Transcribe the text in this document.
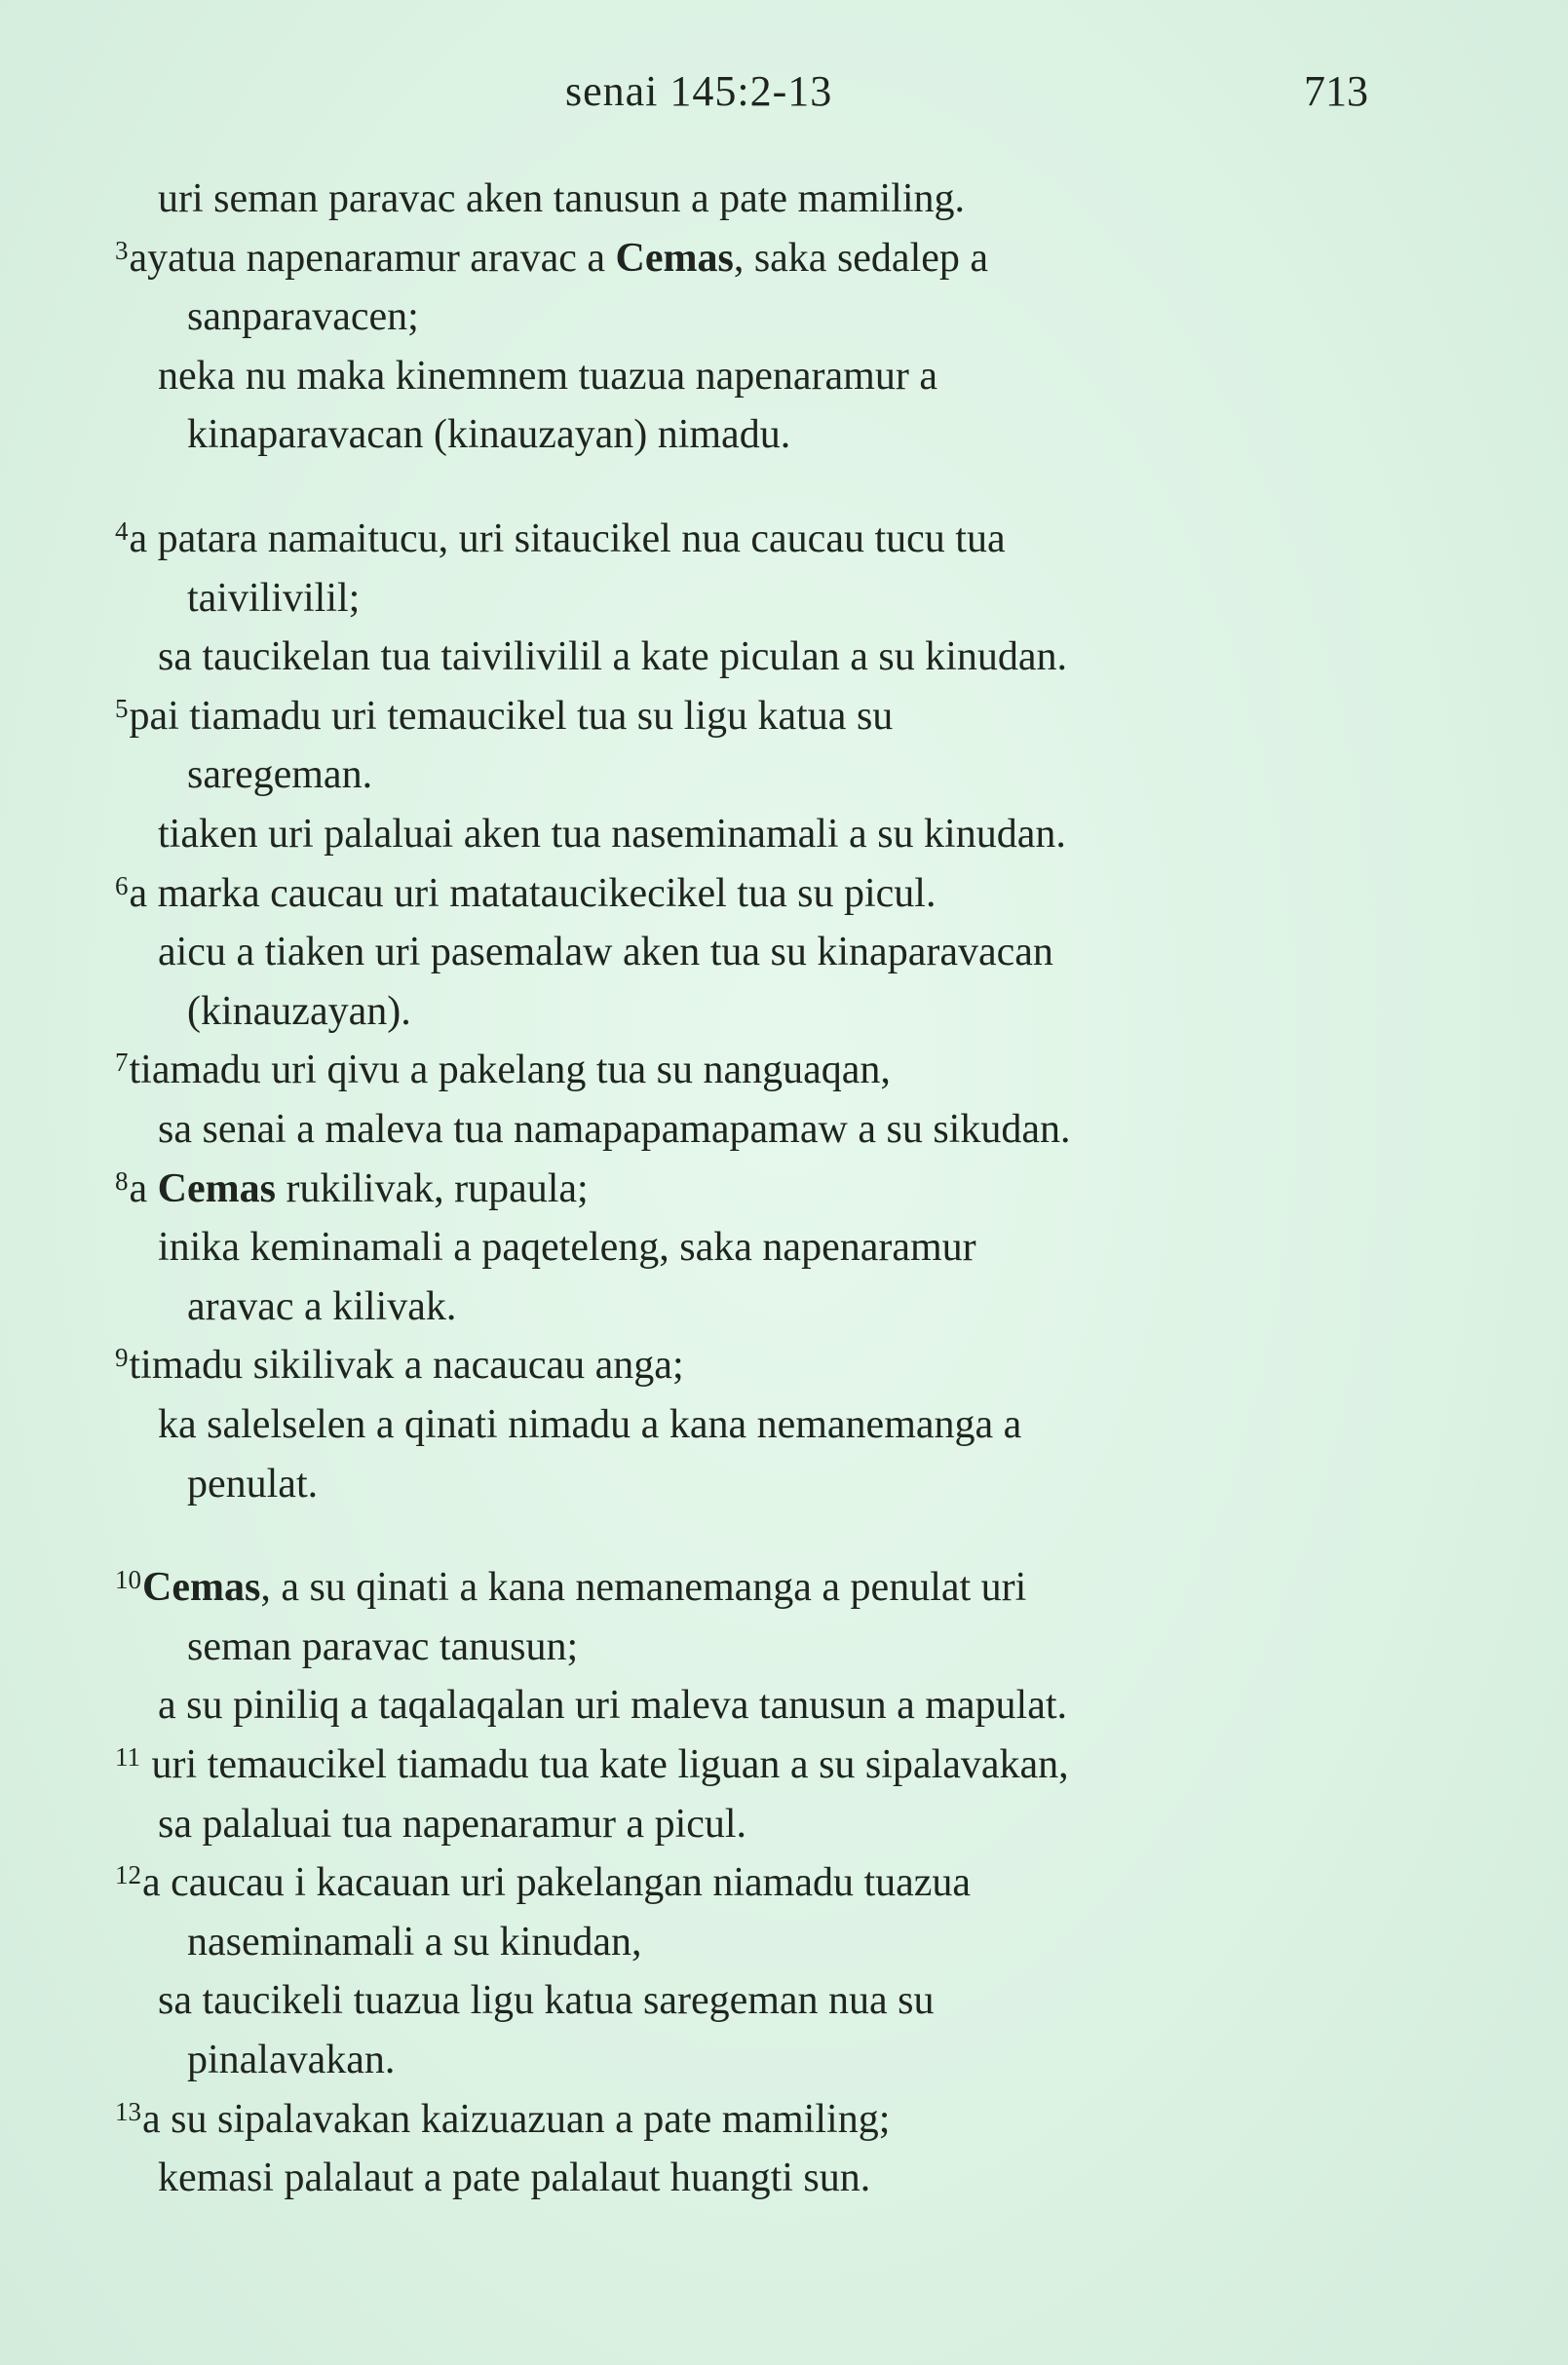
senai 145:2-13	713
uri seman paravac aken tanusun a pate mamiling.
$^3$ayatua napenaramur aravac a Cemas, saka sedalep a
sanparavacen;
neka nu maka kinemnem tuazua napenaramur a
kinaparavacan (kinauzayan) nimadu.
$^4$a patara namaitucu, uri sitaucikel nua caucau tucu tua
taivilivilil;
sa taucikelan tua taivilivilil a kate piculan a su kinudan.
$^5$pai tiamadu uri temaucikel tua su ligu katua su
saregeman.
tiaken uri palaluai aken tua naseminamali a su kinudan.
$^6$a marka caucau uri matataucikecikel tua su picul.
aicu a tiaken uri pasemalaw aken tua su kinaparavacan
(kinauzayan).
$^7$tiamadu uri qivu a pakelang tua su nanguaqan,
sa senai a maleva tua namapapamapamaw a su sikudan.
$^8$a Cemas rukilivak, rupaula;
inika keminamali a paqeteleng, saka napenaramur
aravac a kilivak.
$^9$timadu sikilivak a nacaucau anga;
ka salelselen a qinati nimadu a kana nemanemanga a
penulat.
$^{10}$Cemas, a su qinati a kana nemanemanga a penulat uri
seman paravac tanusun;
a su piniliq a taqalaqalan uri maleva tanusun a mapulat.
$^{11}$ uri temaucikel tiamadu tua kate liguan a su sipalavakan,
sa palaluai tua napenaramur a picul.
$^{12}$a caucau i kacauan uri pakelangan niamadu tuazua
naseminamali a su kinudan,
sa taucikeli tuazua ligu katua saregeman nua su
pinalavakan.
$^{13}$a su sipalavakan kaizuazuan a pate mamiling;
kemasi palalaut a pate palalaut huangti sun.
